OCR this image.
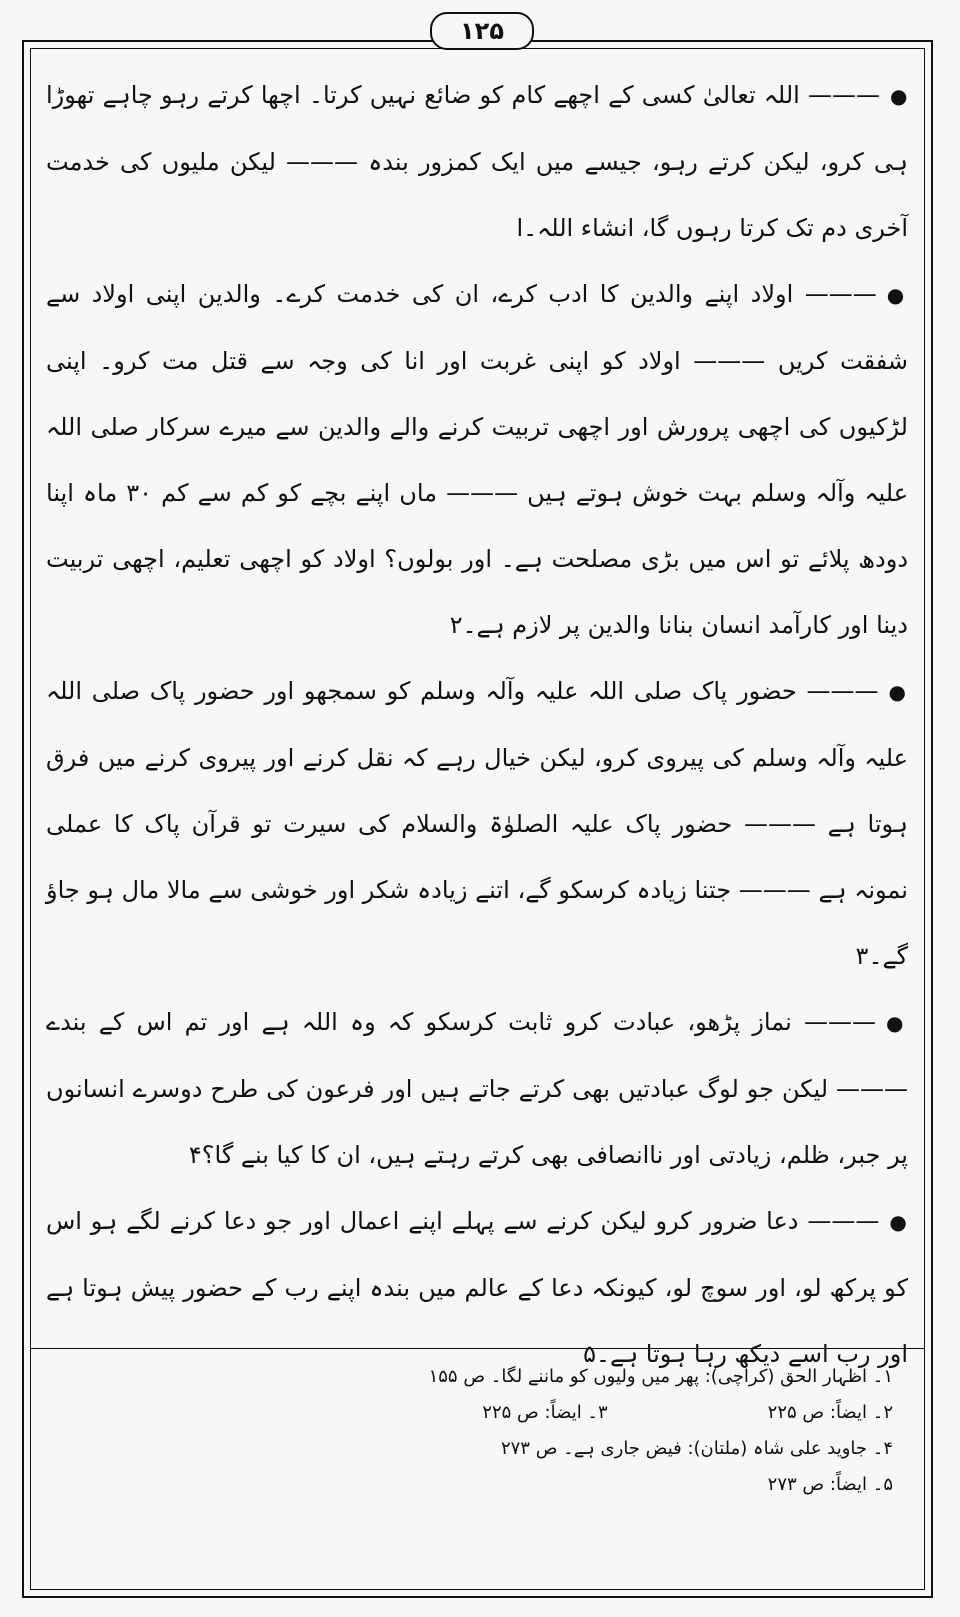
۱۲۵

●——— اللہ تعالیٰ کسی کے اچھے کام کو ضائع نہیں کرتا۔ اچھا کرتے رہو چاہے تھوڑا ہی کرو، لیکن کرتے رہو، جیسے میں ایک کمزور بندہ ——— لیکن ملیوں کی خدمت آخری دم تک کرتا رہوں گا، انشاء اللہ۔ا

●——— اولاد اپنے والدین کا ادب کرے، ان کی خدمت کرے۔ والدین اپنی اولاد سے شفقت کریں ——— اولاد کو اپنی غربت اور انا کی وجہ سے قتل مت کرو۔ اپنی لڑکیوں کی اچھی پرورش اور اچھی تربیت کرنے والے والدین سے میرے سرکار صلی اللہ علیہ وآلہ وسلم بہت خوش ہوتے ہیں ——— ماں اپنے بچے کو کم سے کم ۳۰ ماہ اپنا دودھ پلائے تو اس میں بڑی مصلحت ہے۔ اور بولوں؟ اولاد کو اچھی تعلیم، اچھی تربیت دینا اور کارآمد انسان بنانا والدین پر لازم ہے۔۲

●——— حضور پاک صلی اللہ علیہ وآلہ وسلم کو سمجھو اور حضور پاک صلی اللہ علیہ وآلہ وسلم کی پیروی کرو، لیکن خیال رہے کہ نقل کرنے اور پیروی کرنے میں فرق ہوتا ہے ——— حضور پاک علیہ الصلوٰۃ والسلام کی سیرت تو قرآن پاک کا عملی نمونہ ہے ——— جتنا زیادہ کرسکو گے، اتنے زیادہ شکر اور خوشی سے مالا مال ہو جاؤ گے۔۳

●——— نماز پڑھو، عبادت کرو ثابت کرسکو کہ وہ اللہ ہے اور تم اس کے بندے ——— لیکن جو لوگ عبادتیں بھی کرتے جاتے ہیں اور فرعون کی طرح دوسرے انسانوں پر جبر، ظلم، زیادتی اور ناانصافی بھی کرتے رہتے ہیں، ان کا کیا بنے گا؟۴

●——— دعا ضرور کرو لیکن کرنے سے پہلے اپنے اعمال اور جو دعا کرنے لگے ہو اس کو پرکھ لو، اور سوچ لو، کیونکہ دعا کے عالم میں بندہ اپنے رب کے حضور پیش ہوتا ہے اور رب اسے دیکھ رہا ہوتا ہے۔۵

۱۔ اظہار الحق (کراچی): پھر میں ولیوں کو ماننے لگا۔ ص ۱۵۵
۲۔ ایضاً: ص ۲۲۵
۳۔ ایضاً: ص ۲۲۵
۴۔ جاوید علی شاہ (ملتان): فیض جاری ہے۔ ص ۲۷۳
۵۔ ایضاً: ص ۲۷۳
